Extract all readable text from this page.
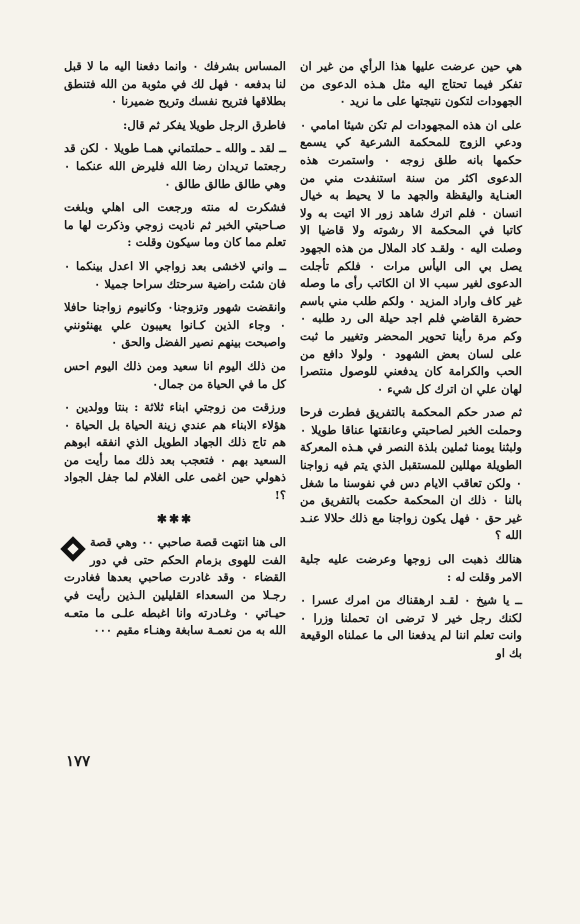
هي حين عرضت عليها هذا الرأي من غير ان تفكر فيما تحتاج اليه مثل هـذه الدعوى من الجهودات لتكون نتيجتها على ما نريد ٠

على ان هذه المجهودات لم تكن شيئا امامي ٠ ودعي الزوج للمحكمة الشرعية كي يسمع حكمها بانه طلق زوجه ٠ واستمرت هذه الدعوى اكثر من سنة استنفدت مني من العنـاية واليقظة والجهد ما لا يحيط به خيال انسان ٠ فلم اترك شاهد زور الا اتيت به ولا كاتبا في المحكمة الا رشوته ولا قاضيا الا وصلت اليه ٠ ولقـد كاد الملال من هذه الجهود يصل بي الى اليأس مرات ٠ فلكم تأجلت الدعوى لغير سبب الا ان الكاتب رأى ما وصله غير كاف واراد المزيد ٠ ولكم طلب مني باسم حضرة القاضي فلم اجد حيلة الى رد طلبه ٠ وكم مرة رأينا تحوير المحضر وتغيير ما ثبت على لسان بعض الشهود ٠ ولولا دافع من الحب والكرامة كان يدفعني للوصول منتصرا لهان علي ان اترك كل شيء ٠

ثم صدر حكم المحكمة بالتفريق فطرت فرحا وحملت الخبر لصاحبتي وعانقتها عناقا طويلا ٠ ولبثنا يومنا ثملين بلذة النصر في هـذه المعركة الطويلة مهللين للمستقبل الذي يتم فيه زواجنا ٠ ولكن تعاقب الايام دس في نفوسنا ما شغل بالنا ٠ ذلك ان المحكمة حكمت بالتفريق من غير حق ٠ فهل يكون زواجنا مع ذلك حلالا عنـد الله ؟

هنالك ذهبت الى زوجها وعرضت عليه جلية الامر وقلت له :

ــ يا شيخ ٠ لقـد ارهقناك من امرك عسرا ٠ لكنك رجل خير لا ترضى ان تحملنا وزرا ٠ وانت تعلم اننا لم يدفعنا الى ما عملناه الوقيعة بك او

المساس بشرفك ٠ وانما دفعنا اليه ما لا قبل لنا بدفعه ٠ فهل لك في مثوبة من الله فتنطق بطلاقها فتريح نفسك وتريح ضميرنا ٠

فاطرق الرجل طويلا يفكر ثم قال:

ــ لقد ـ والله ـ حملتماني همـا طويلا ٠ لكن قد رجعتما تريدان رضا الله فليرض الله عنكما ٠ وهي طالق طالق طالق ٠

فشكرت له منته ورجعت الى اهلي وبلغت صـاحبتي الخبر ثم ناديت زوجي وذكرت لها ما تعلم مما كان وما سيكون وقلت :

ــ واني لاخشى بعد زواجي الا اعدل بينكما ٠ فان شئت راضية سرحتك سراحا جميلا ٠

وانقضت شهور وتزوجنا٠ وكانيوم زواجنا حافلا ٠ وجاء الذين كـانوا يعيبون علي يهنئونني واصبحت بينهم نصير الفضل والحق ٠

من ذلك اليوم انا سعيد ومن ذلك اليوم احس كل ما في الحياة من جمال٠

ورزقت من زوجتي ابناء ثلاثة : بنتا وولدين ٠ هؤلاء الابناء هم عندي زينة الحياة بل الحياة ٠ هم تاج ذلك الجهاد الطويل الذي انفقه ابوهم السعيد بهم ٠ فتعجب بعد ذلك مما رأيت من ذهولي حين اغمى على الغلام لما جفل الجواد ؟!

✱✱✱

الى هنا انتهت قصة صاحبي ٠٠ وهي قصة الفت للهوى بزمام الحكم حتى في دور القضاء ٠ وقد غادرت صاحبي بعدها فغادرت رجـلا من السعداء القليلين الـذين رأيت في حيـاتي ٠ وغـادرته وانا اغبطه علـى ما متعـه الله به من نعمـة سابغة وهنـاء مقيم ٠٠٠

١٧٧
